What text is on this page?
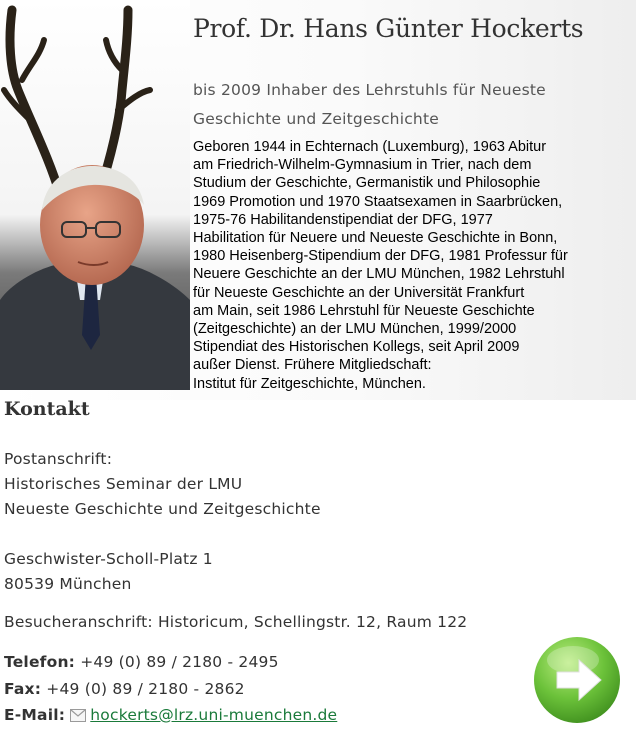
Prof. Dr. Hans Günter Hockerts
bis 2009 Inhaber des Lehrstuhls für Neueste
Geschichte und Zeitgeschichte
Geboren 1944 in Echternach (Luxemburg), 1963 Abitur
am Friedrich-Wilhelm-Gymnasium in Trier, nach dem
Studium der Geschichte, Germanistik und Philosophie
1969 Promotion und 1970 Staatsexamen in Saarbrücken,
1975-76 Habilitandenstipendiat der DFG, 1977
Habilitation für Neuere und Neueste Geschichte in Bonn,
1980 Heisenberg-Stipendium der DFG, 1981 Professur für
Neuere Geschichte an der LMU München, 1982 Lehrstuhl
für Neueste Geschichte an der Universität Frankfurt
am Main, seit 1986 Lehrstuhl für Neueste Geschichte
(Zeitgeschichte) an der LMU München, 1999/2000
Stipendiat des Historischen Kollegs, seit April 2009
außer Dienst. Frühere Mitgliedschaft:
Institut für Zeitgeschichte, München.
Kontakt
Postanschrift:
Historisches Seminar der LMU
Neueste Geschichte und Zeitgeschichte
Geschwister-Scholl-Platz 1
80539 München
Besucheranschrift: Historicum, Schellingstr. 12, Raum 122
Telefon: +49 (0) 89 / 2180 - 2495
Fax: +49 (0) 89 / 2180 - 2862
E-Mail: hockerts@lrz.uni-muenchen.de
